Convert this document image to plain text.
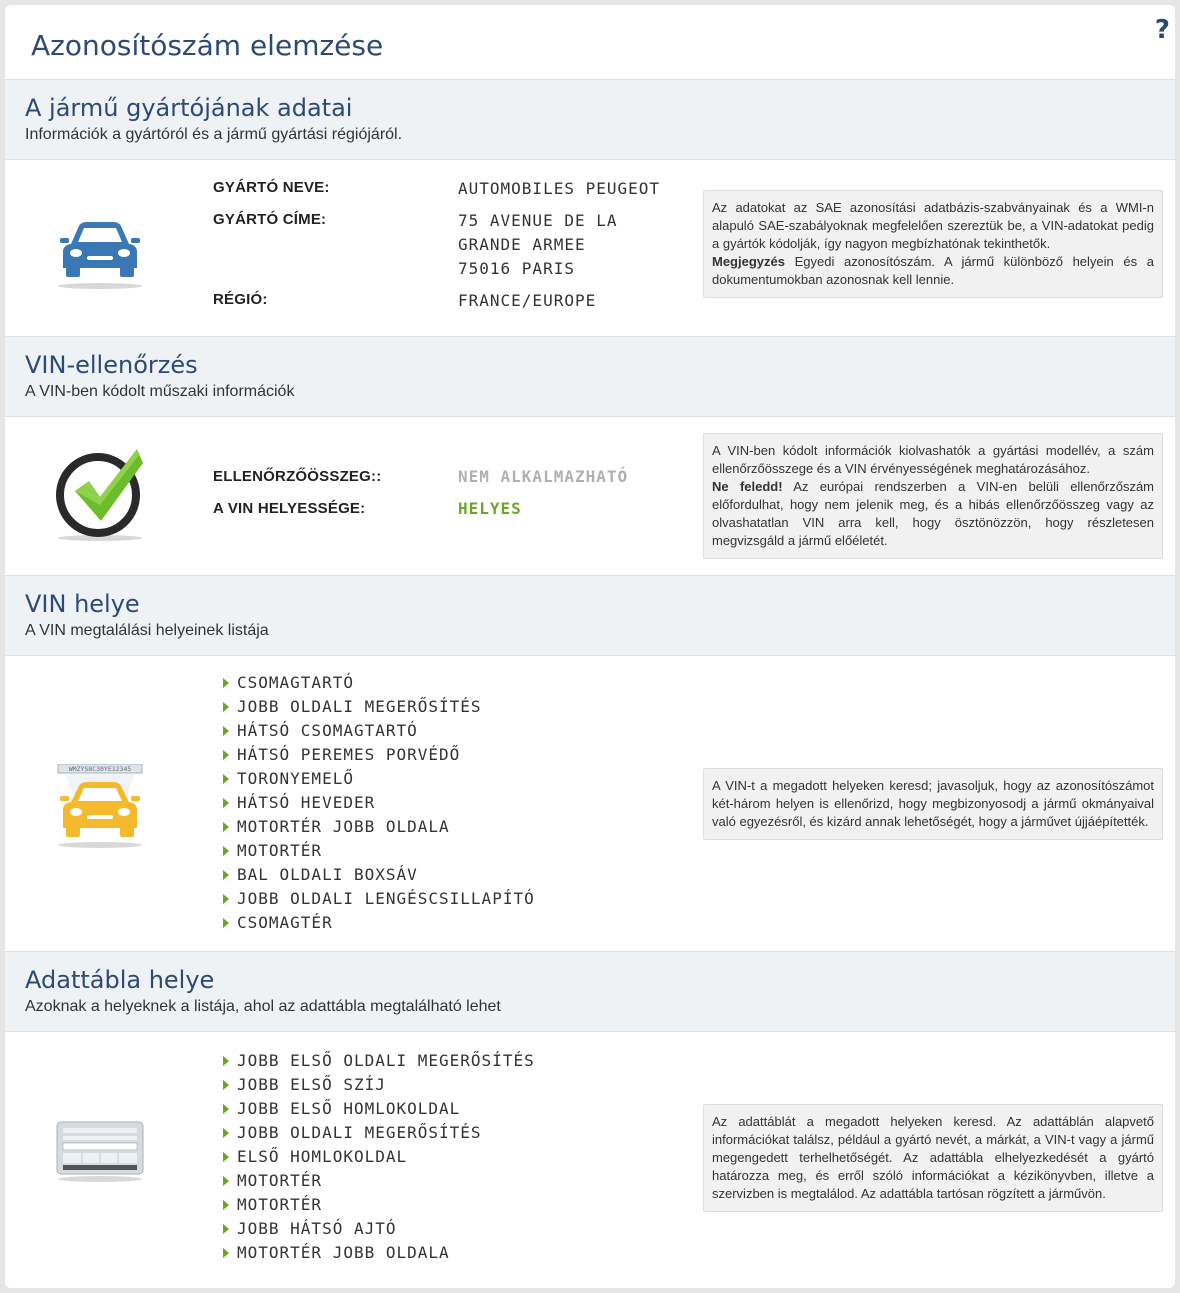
Azonosítószám elemzése	?
A jármű gyártójának adatai
Információk a gyártóról és a jármű gyártási régiójáról.
GYÁRTÓ NEVE:	AUTOMOBILES PEUGEOT
GYÁRTÓ CÍME:	75 AVENUE DE LA
GRANDE ARMEE
75016 PARIS
RÉGIÓ:	FRANCE/EUROPE
Az adatokat az SAE azonosítási adatbázis-szabványainak és a WMI-n alapuló SAE-szabályoknak megfelelően szereztük be, a VIN-adatokat pedig a gyártók kódolják, így nagyon megbízhatónak tekinthetők.
Megjegyzés Egyedi azonosítószám. A jármű különböző helyein és a dokumentumokban azonosnak kell lennie.
VIN-ellenőrzés
A VIN-ben kódolt műszaki információk
ELLENŐRZŐÖSSZEG::	NEM ALKALMAZHATÓ
A VIN HELYESSÉGE:	HELYES
A VIN-ben kódolt információk kiolvashatók a gyártási modellév, a szám ellenőrzőösszege és a VIN érvényességének meghatározásához.
Ne feledd! Az európai rendszerben a VIN-en belüli ellenőrzőszám előfordulhat, hogy nem jelenik meg, és a hibás ellenőrzőösszeg vagy az olvashatatlan VIN arra kell, hogy ösztönözzön, hogy részletesen megvizsgáld a jármű előéletét.
VIN helye
A VIN megtalálási helyeinek listája
WMZYS8C30YE12345
CSOMAGTARTÓ
JOBB OLDALI MEGERŐSÍTÉS
HÁTSÓ CSOMAGTARTÓ
HÁTSÓ PEREMES PORVÉDŐ
TORONYEMELŐ
HÁTSÓ HEVEDER
MOTORTÉR JOBB OLDALA
MOTORTÉR
BAL OLDALI BOXSÁV
JOBB OLDALI LENGÉSCSILLAPÍTÓ
CSOMAGTÉR
A VIN-t a megadott helyeken keresd; javasoljuk, hogy az azonosítószámot két-három helyen is ellenőrizd, hogy megbizonyosodj a jármű okmányaival való egyezésről, és kizárd annak lehetőségét, hogy a járművet újjáépítették.
Adattábla helye
Azoknak a helyeknek a listája, ahol az adattábla megtalálható lehet
JOBB ELSŐ OLDALI MEGERŐSÍTÉS
JOBB ELSŐ SZÍJ
JOBB ELSŐ HOMLOKOLDAL
JOBB OLDALI MEGERŐSÍTÉS
ELSŐ HOMLOKOLDAL
MOTORTÉR
MOTORTÉR
JOBB HÁTSÓ AJTÓ
MOTORTÉR JOBB OLDALA
Az adattáblát a megadott helyeken keresd. Az adattáblán alapvető információkat találsz, például a gyártó nevét, a márkát, a VIN-t vagy a jármű megengedett terhelhetőségét. Az adattábla elhelyezkedését a gyártó határozza meg, és erről szóló információkat a kézikönyvben, illetve a szervizben is megtalálod. Az adattábla tartósan rögzített a járművön.
